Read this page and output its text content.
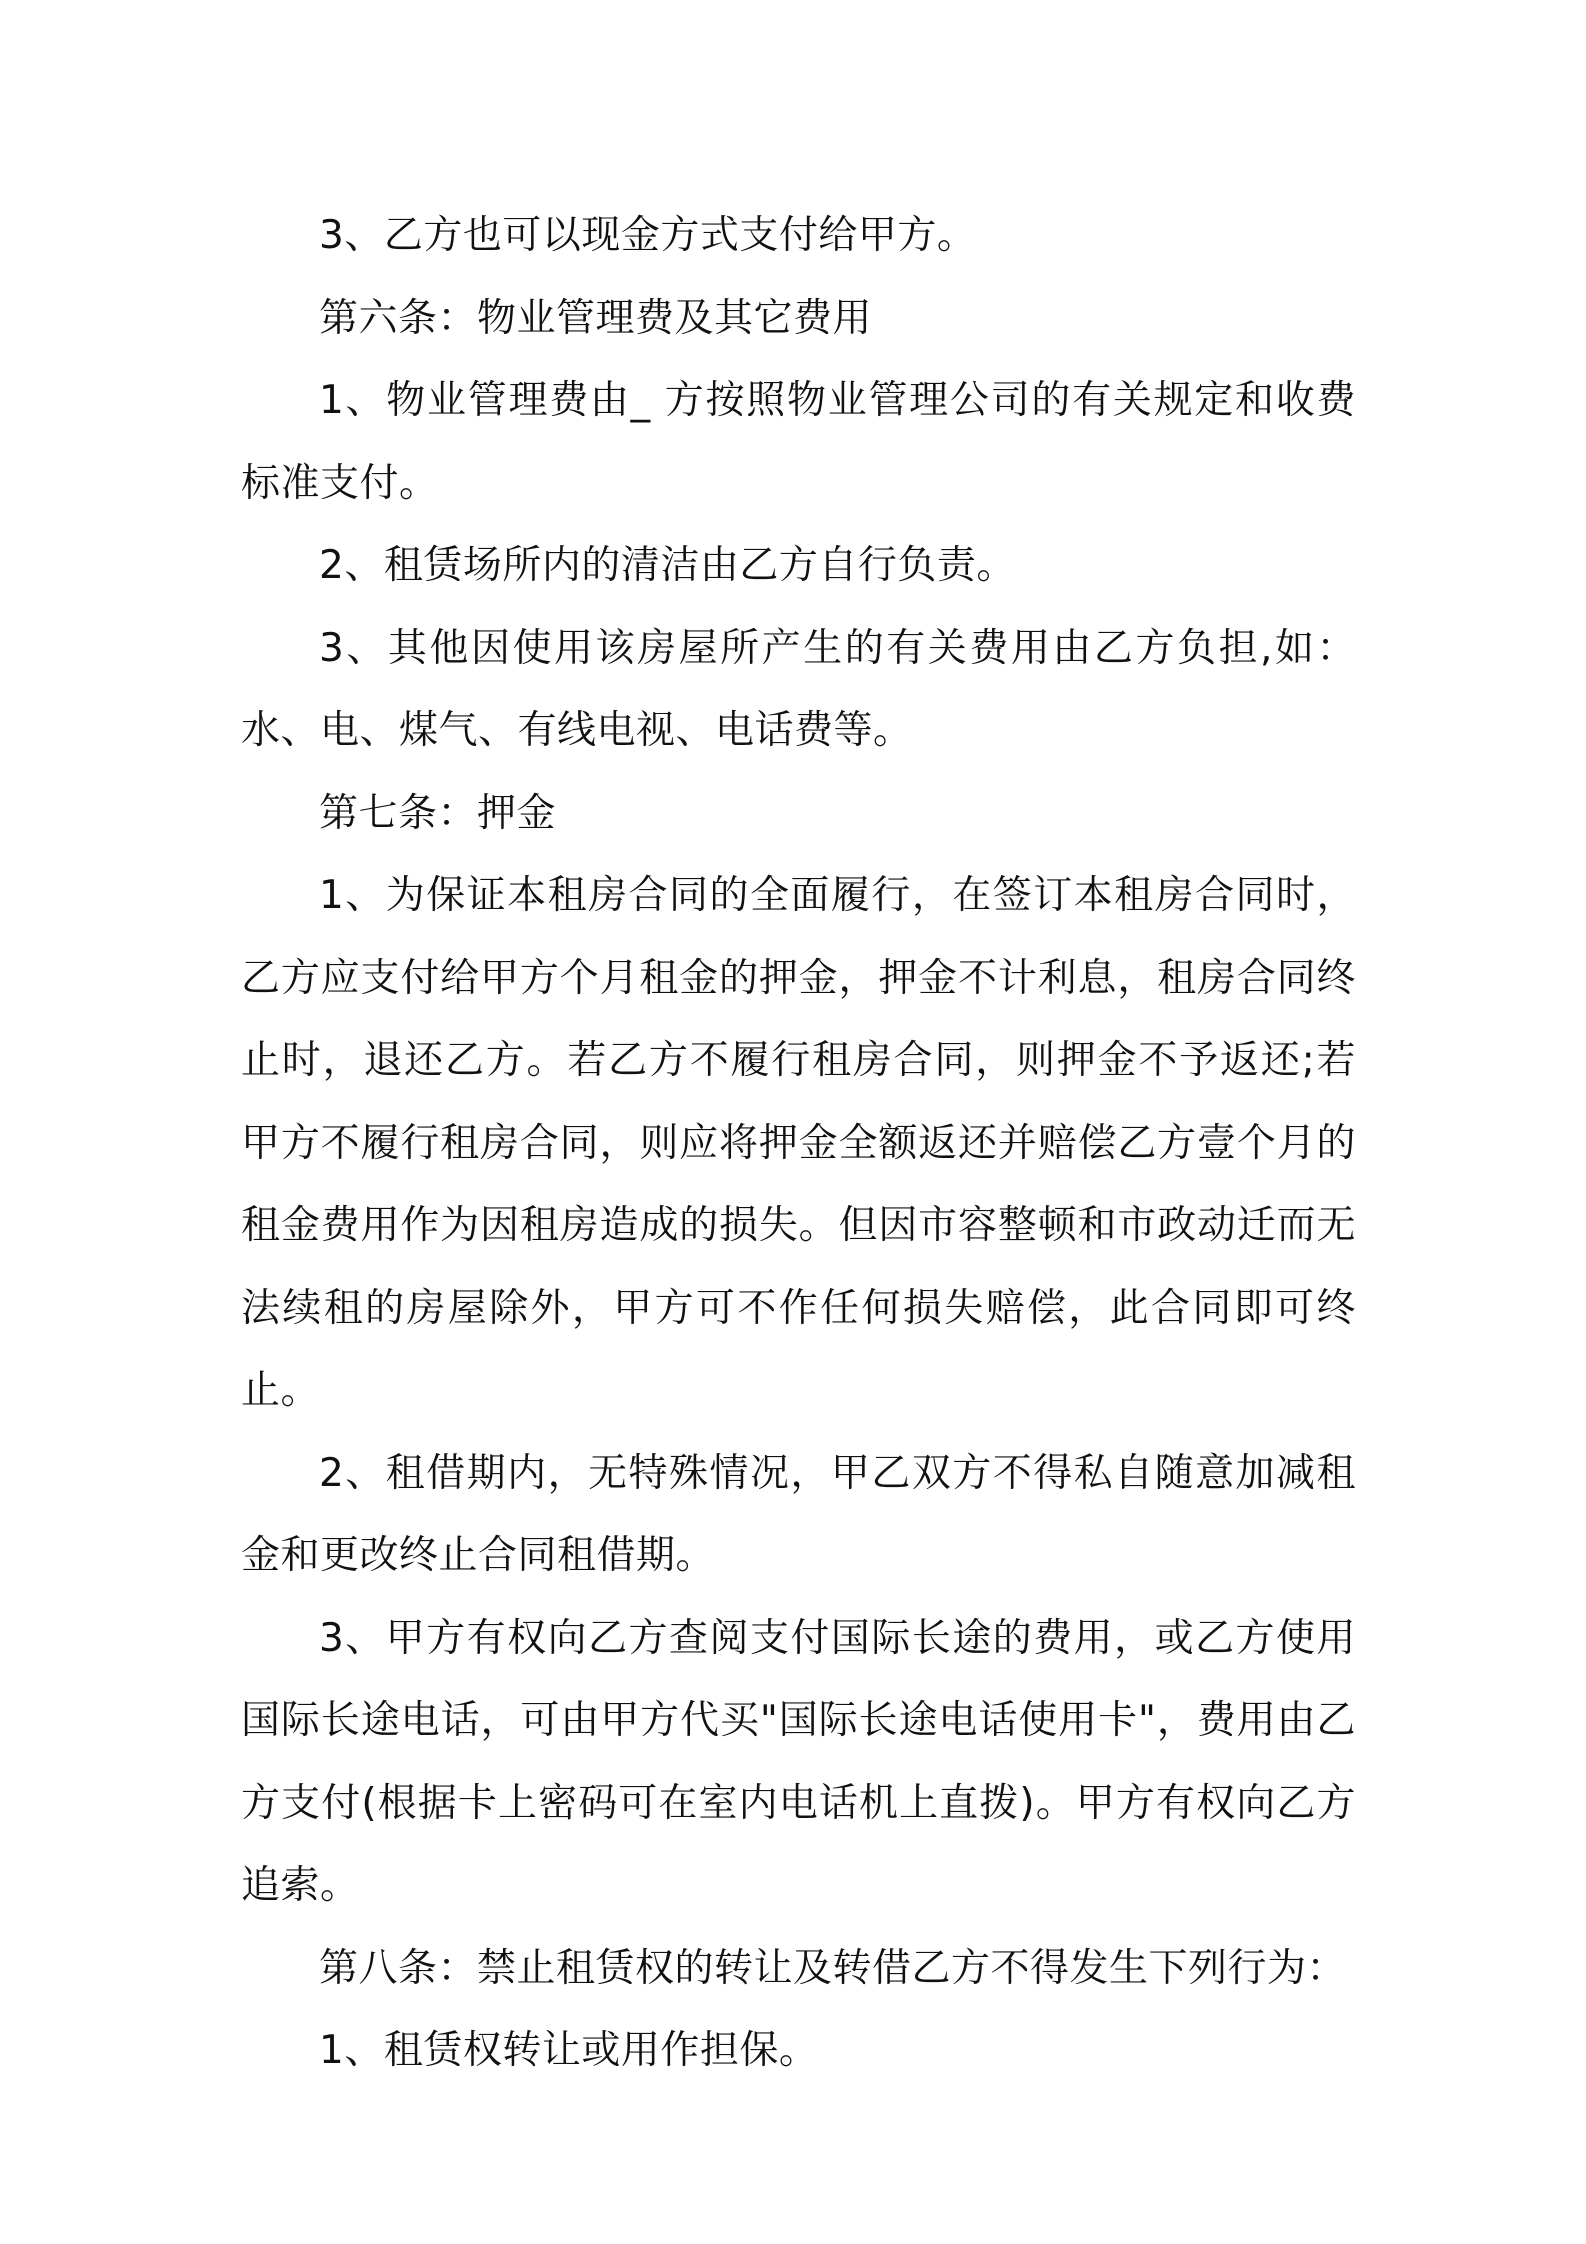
3、乙方也可以现金方式支付给甲方。

第六条：物业管理费及其它费用

1、物业管理费由_ 方按照物业管理公司的有关规定和收费标准支付。

2、租赁场所内的清洁由乙方自行负责。

3、其他因使用该房屋所产生的有关费用由乙方负担,如：水、电、煤气、有线电视、电话费等。

第七条：押金

1、为保证本租房合同的全面履行，在签订本租房合同时，乙方应支付给甲方个月租金的押金，押金不计利息，租房合同终止时，退还乙方。若乙方不履行租房合同，则押金不予返还;若甲方不履行租房合同，则应将押金全额返还并赔偿乙方壹个月的租金费用作为因租房造成的损失。但因市容整顿和市政动迁而无法续租的房屋除外，甲方可不作任何损失赔偿，此合同即可终止。

2、租借期内，无特殊情况，甲乙双方不得私自随意加减租金和更改终止合同租借期。

3、甲方有权向乙方查阅支付国际长途的费用，或乙方使用国际长途电话，可由甲方代买"国际长途电话使用卡"，费用由乙方支付(根据卡上密码可在室内电话机上直拨)。甲方有权向乙方追索。

第八条：禁止租赁权的转让及转借乙方不得发生下列行为：

1、租赁权转让或用作担保。
